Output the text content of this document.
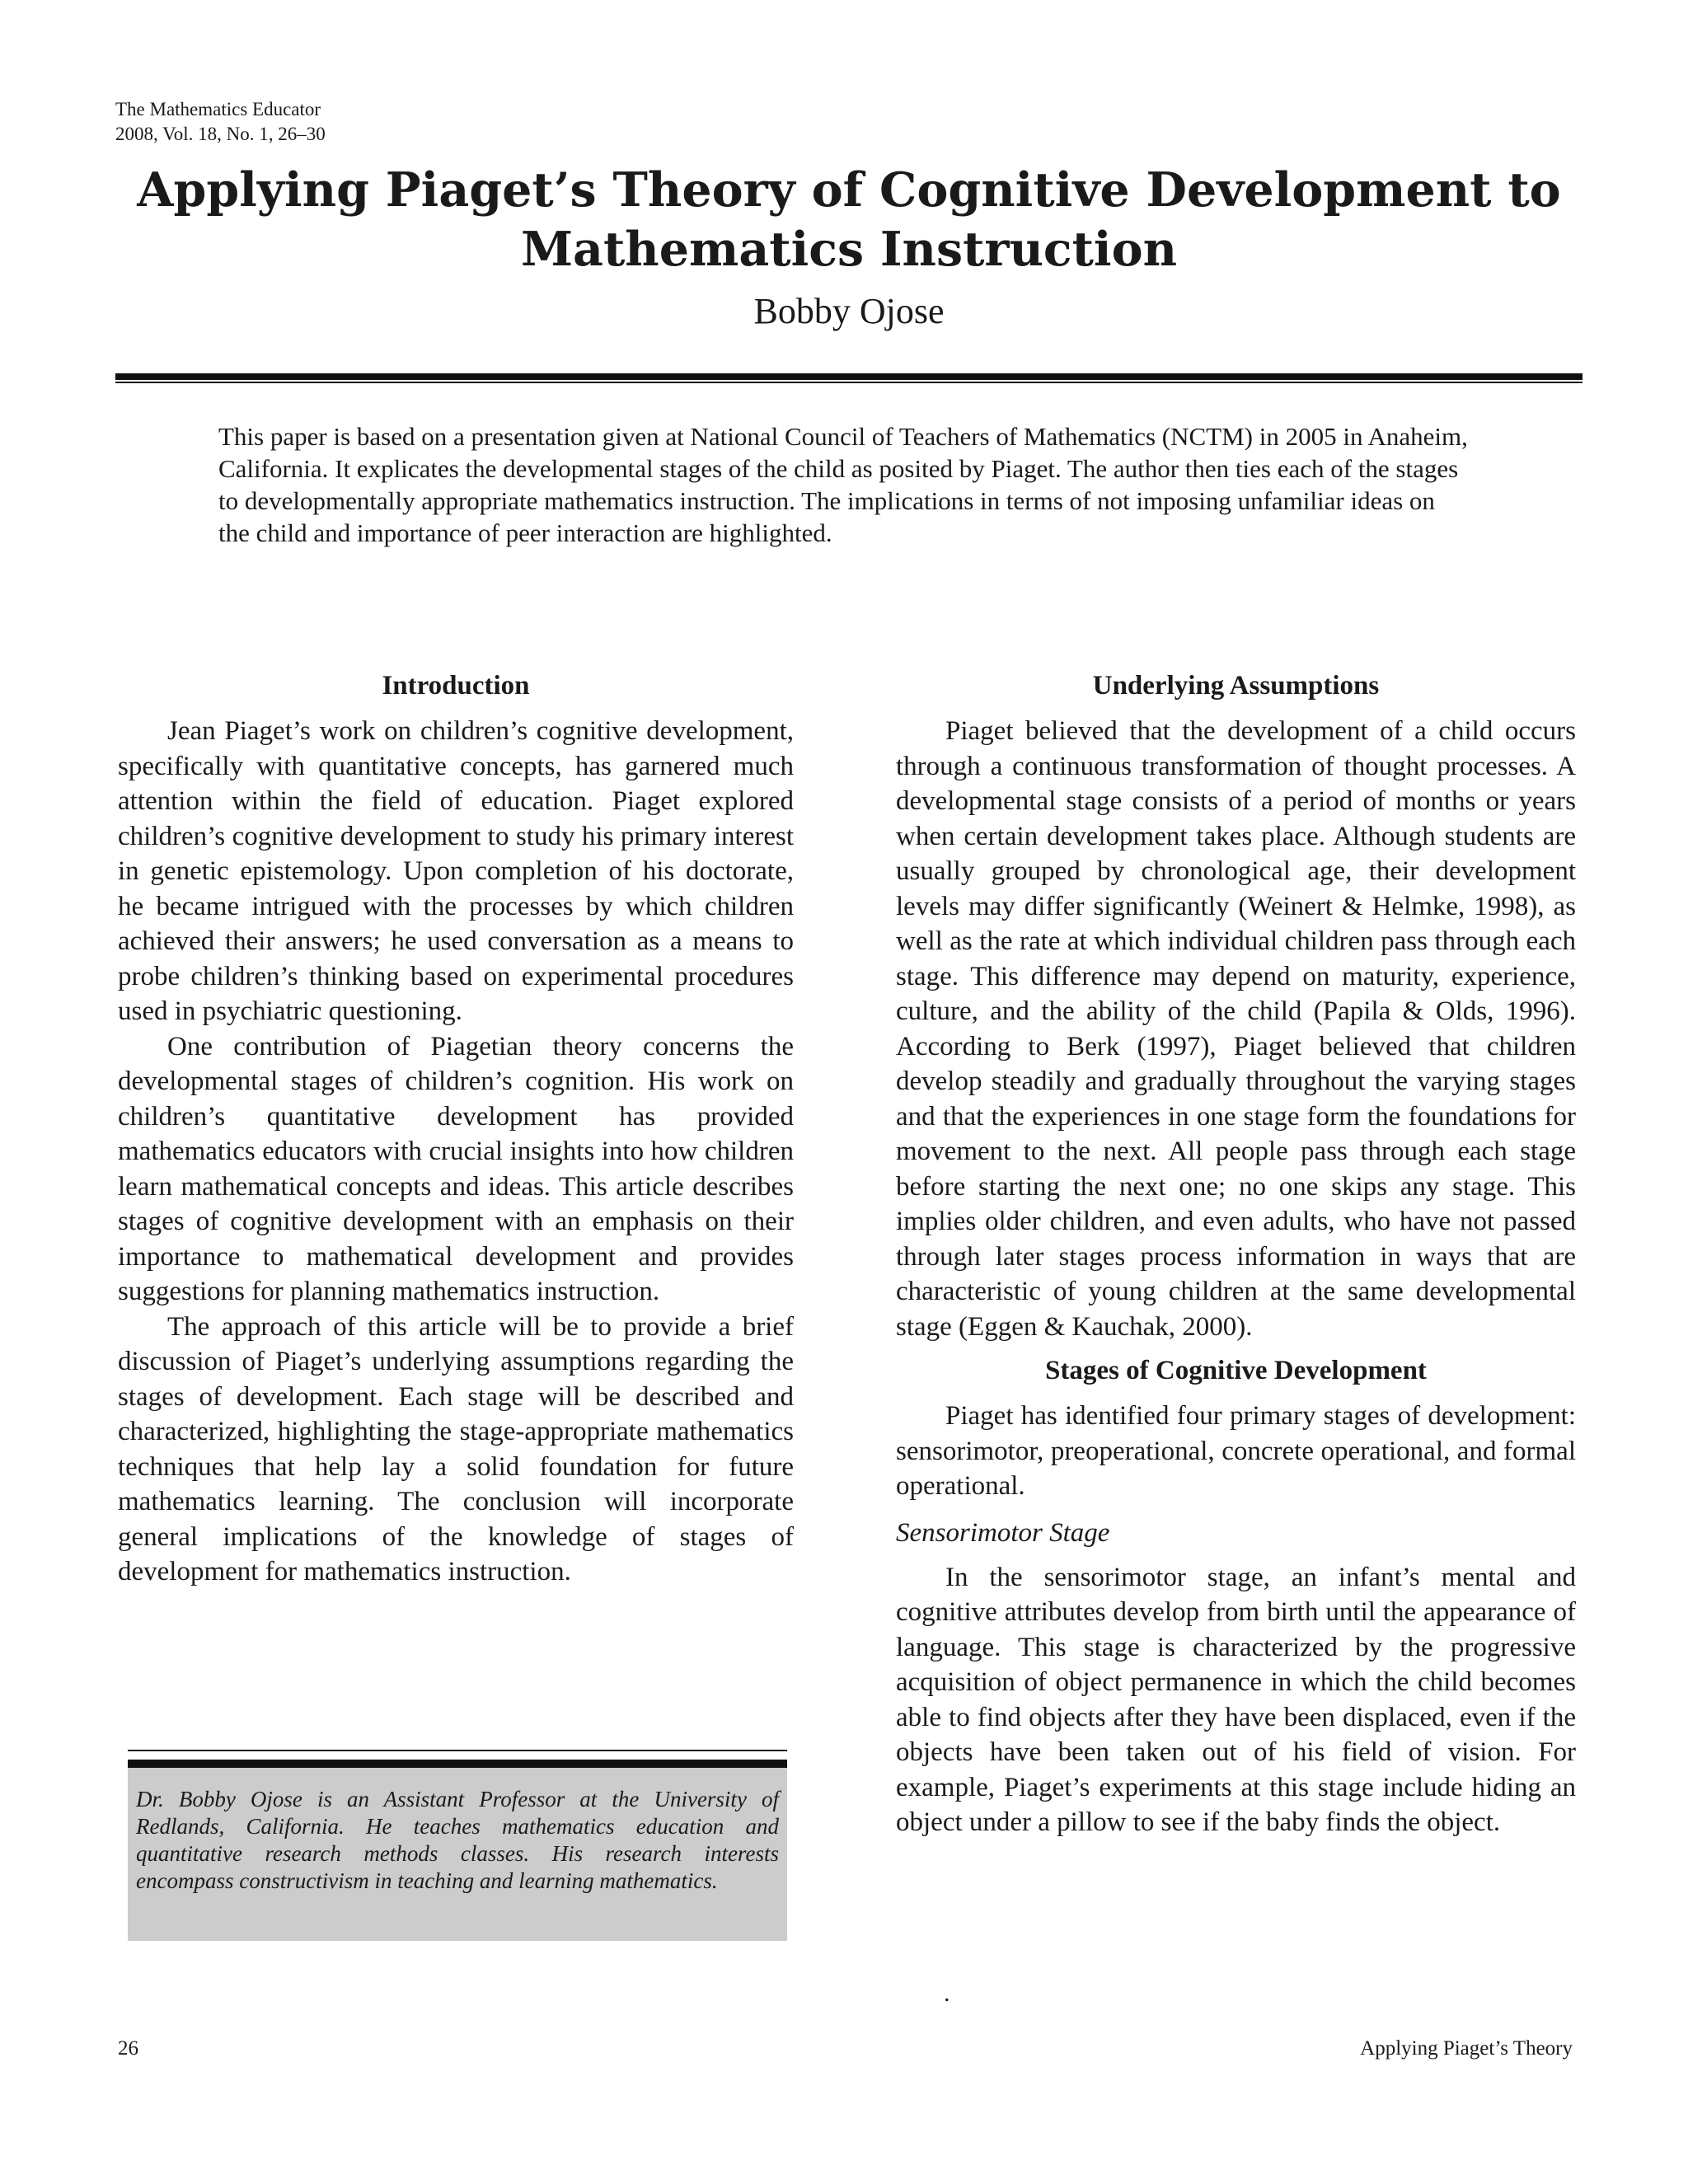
The Mathematics Educator
2008, Vol. 18, No. 1, 26–30
Applying Piaget’s Theory of Cognitive Development to
Mathematics Instruction
Bobby Ojose
This paper is based on a presentation given at National Council of Teachers of Mathematics (NCTM) in 2005 in Anaheim, California. It explicates the developmental stages of the child as posited by Piaget. The author then ties each of the stages to developmentally appropriate mathematics instruction. The implications in terms of not imposing unfamiliar ideas on the child and importance of peer interaction are highlighted.
Introduction

Jean Piaget’s work on children’s cognitive development, specifically with quantitative concepts, has garnered much attention within the field of education. Piaget explored children’s cognitive development to study his primary interest in genetic epistemology. Upon completion of his doctorate, he became intrigued with the processes by which children achieved their answers; he used conversation as a means to probe children’s thinking based on experimental procedures used in psychiatric questioning.

One contribution of Piagetian theory concerns the developmental stages of children’s cognition. His work on children’s quantitative development has provided mathematics educators with crucial insights into how children learn mathematical concepts and ideas. This article describes stages of cognitive development with an emphasis on their importance to mathematical development and provides suggestions for planning mathematics instruction.

The approach of this article will be to provide a brief discussion of Piaget’s underlying assumptions regarding the stages of development. Each stage will be described and characterized, highlighting the stage-appropriate mathematics techniques that help lay a solid foundation for future mathematics learning. The conclusion will incorporate general implications of the knowledge of stages of development for mathematics instruction.

Dr. Bobby Ojose is an Assistant Professor at the University of Redlands, California. He teaches mathematics education and quantitative research methods classes. His research interests encompass constructivism in teaching and learning mathematics.
Underlying Assumptions

Piaget believed that the development of a child occurs through a continuous transformation of thought processes. A developmental stage consists of a period of months or years when certain development takes place. Although students are usually grouped by chronological age, their development levels may differ significantly (Weinert & Helmke, 1998), as well as the rate at which individual children pass through each stage. This difference may depend on maturity, experience, culture, and the ability of the child (Papila & Olds, 1996). According to Berk (1997), Piaget believed that children develop steadily and gradually throughout the varying stages and that the experiences in one stage form the foundations for movement to the next. All people pass through each stage before starting the next one; no one skips any stage. This implies older children, and even adults, who have not passed through later stages process information in ways that are characteristic of young children at the same developmental stage (Eggen & Kauchak, 2000).

Stages of Cognitive Development

Piaget has identified four primary stages of development: sensorimotor, preoperational, concrete operational, and formal operational.

Sensorimotor Stage

In the sensorimotor stage, an infant’s mental and cognitive attributes develop from birth until the appearance of language. This stage is characterized by the progressive acquisition of object permanence in which the child becomes able to find objects after they have been displaced, even if the objects have been taken out of his field of vision. For example, Piaget’s experiments at this stage include hiding an object under a pillow to see if the baby finds the object.

.
26	Applying Piaget’s Theory
